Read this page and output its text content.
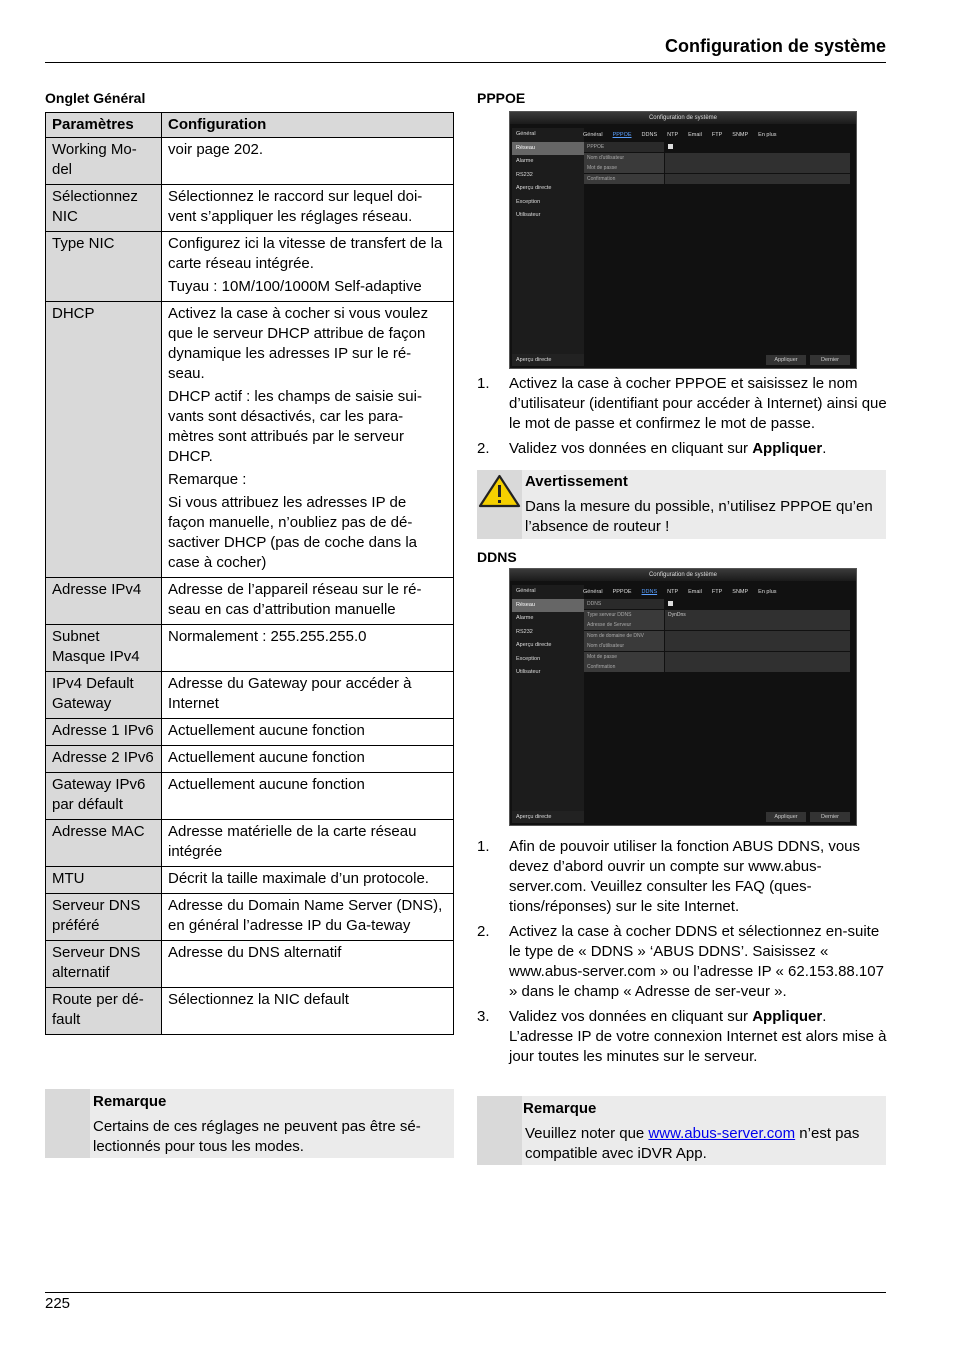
Configuration de système
Onglet Général
Paramètres	Configuration
Working Mo-del	voir page 202.

Sélectionnez NIC	Sélectionnez le raccord sur lequel doi-vent s’appliquer les réglages réseau.

Type NIC	Configurez ici la vitesse de transfert de la carte réseau intégrée.

Tuyau : 10M/100/1000M Self-adaptive

DHCP	Activez la case à cocher si vous voulez que le serveur DHCP attribue de façon dynamique les adresses IP sur le ré-seau.

DHCP actif : les champs de saisie sui-vants sont désactivés, car les para-mètres sont attribués par le serveur DHCP.

Remarque :

Si vous attribuez les adresses IP de façon manuelle, n’oubliez pas de dé-sactiver DHCP (pas de coche dans la case à cocher)

Adresse IPv4	Adresse de l’appareil réseau sur le ré-seau en cas d’attribution manuelle

Subnet Masque IPv4	Normalement : 255.255.255.0

IPv4 Default Gateway	Adresse du Gateway pour accéder à Internet

Adresse 1 IPv6	Actuellement aucune fonction

Adresse 2 IPv6	Actuellement aucune fonction

Gateway IPv6 par défault	Actuellement aucune fonction

Adresse MAC	Adresse matérielle de la carte réseau intégrée

MTU	Décrit la taille maximale d’un protocole.

Serveur DNS préféré	Adresse du Domain Name Server (DNS), en général l’adresse IP du Ga-teway

Serveur DNS alternatif	Adresse du DNS alternatif

Route per dé-fault	Sélectionnez la NIC default

Remarque
Certains de ces réglages ne peuvent pas être sé-lectionnés pour tous les modes.
PPPOE
Configuration de système
Général
Réseau
Alarme
RS232
Aperçu directe
Exception
Utilisateur
Général	PPPOE	DDNS	NTP	Email	FTP	SNMP	En plus
PPPOE
Nom d'utilisateur
Mot de passe
Confirmation
Aperçu directe	Appliquer	Dernier
1. Activez la case à cocher PPPOE et saisissez le nom d’utilisateur (identifiant pour accéder à Internet) ainsi que le mot de passe et confirmez le mot de passe.
2. Validez vos données en cliquant sur Appliquer.
Avertissement
Dans la mesure du possible, n’utilisez PPPOE qu’en l’absence de routeur !
DDNS
Configuration de système
Général
Réseau
Alarme
RS232
Aperçu directe
Exception
Utilisateur
Général	PPPOE	DDNS	NTP	Email	FTP	SNMP	En plus
DDNS
Type serveur DDNS	DynDns
Adresse de Serveur
Nom de domaine de DNV
Nom d'utilisateur
Mot de passe
Confirmation
Aperçu directe	Appliquer	Dernier
1. Afin de pouvoir utiliser la fonction ABUS DDNS, vous devez d’abord ouvrir un compte sur www.abus-server.com. Veuillez consulter les FAQ (ques-tions/réponses) sur le site Internet.
2. Activez la case à cocher DDNS et sélectionnez en-suite le type de « DDNS » ‘ABUS DDNS’. Saisissez « www.abus-server.com » ou l’adresse IP « 62.153.88.107 » dans le champ « Adresse de ser-veur ».
3. Validez vos données en cliquant sur Appliquer. L’adresse IP de votre connexion Internet est alors mise à jour toutes les minutes sur le serveur.
Remarque
Veuillez noter que www.abus-server.com n’est pas compatible avec iDVR App.
225
